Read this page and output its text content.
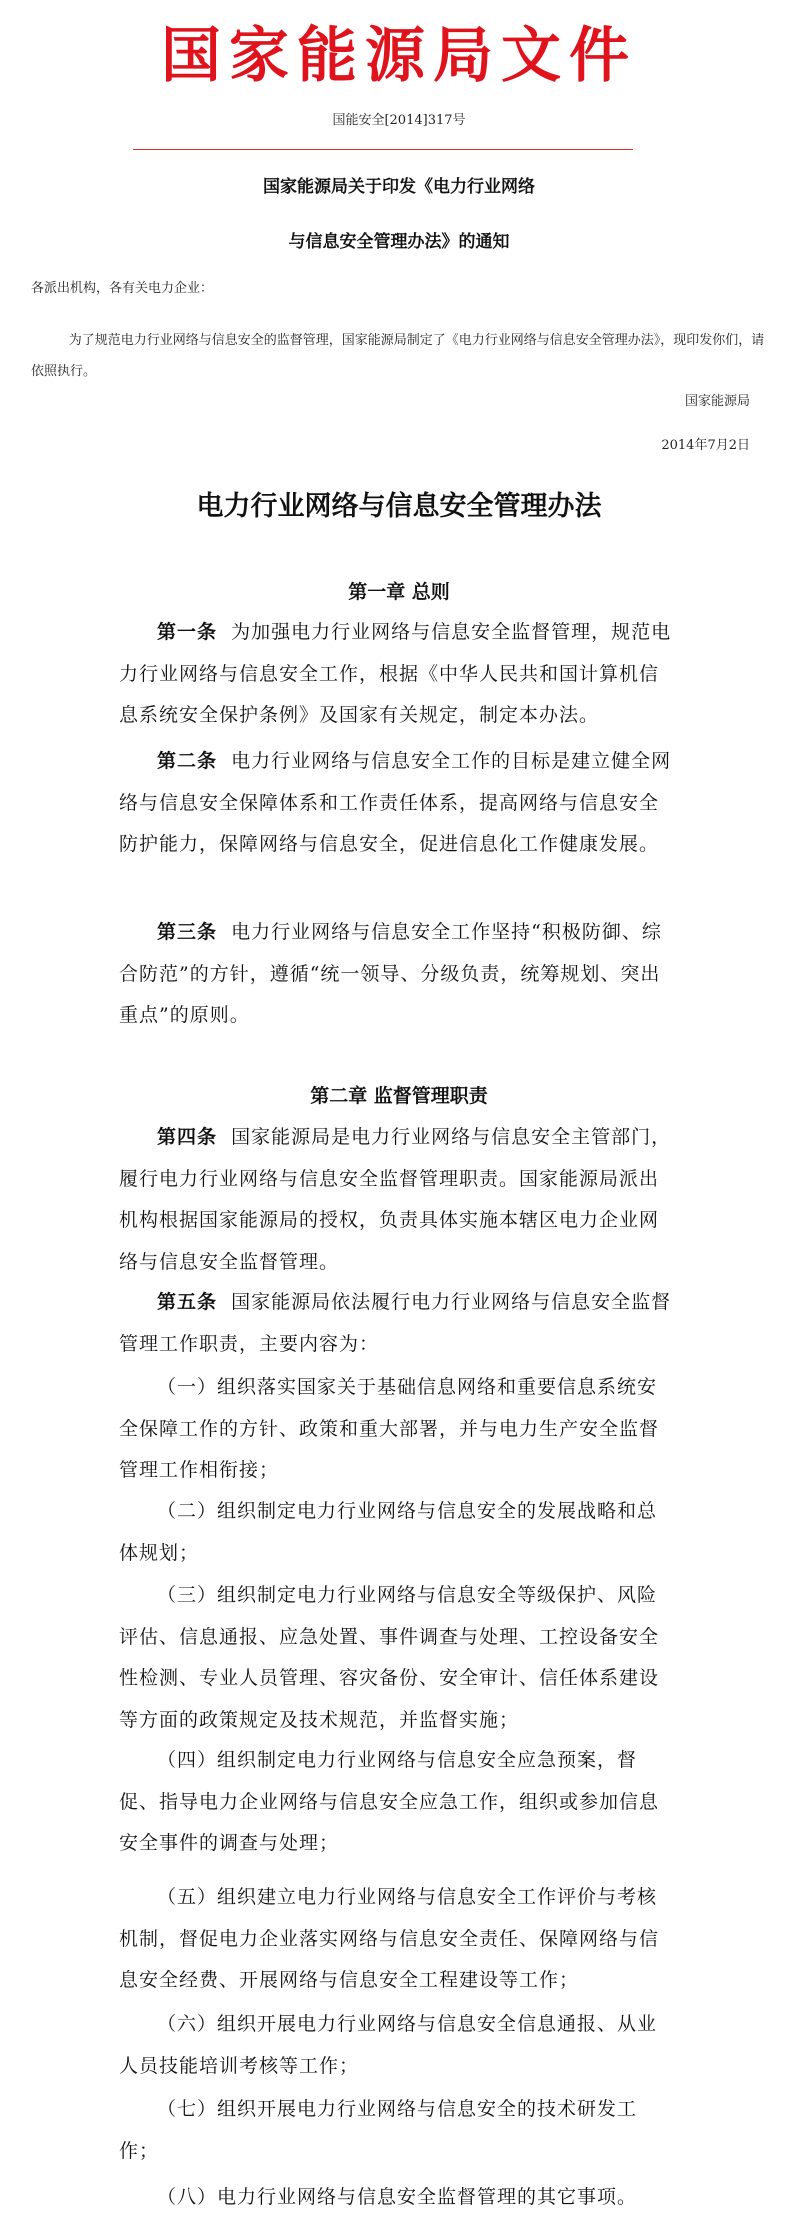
国家能源局文件
国能安全[2014]317号
国家能源局关于印发《电力行业网络
与信息安全管理办法》的通知
各派出机构，各有关电力企业：
为了规范电力行业网络与信息安全的监督管理，国家能源局制定了《电力行业网络与信息安全管理办法》，现印发你们，请依照执行。
国家能源局
2014年7月2日
电力行业网络与信息安全管理办法
第一章 总则

第一条 为加强电力行业网络与信息安全监督管理，规范电力行业网络与信息安全工作，根据《中华人民共和国计算机信息系统安全保护条例》及国家有关规定，制定本办法。

第二条 电力行业网络与信息安全工作的目标是建立健全网络与信息安全保障体系和工作责任体系，提高网络与信息安全防护能力，保障网络与信息安全，促进信息化工作健康发展。

第三条 电力行业网络与信息安全工作坚持“积极防御、综合防范”的方针，遵循“统一领导、分级负责，统筹规划、突出重点”的原则。

第二章 监督管理职责

第四条 国家能源局是电力行业网络与信息安全主管部门，履行电力行业网络与信息安全监督管理职责。国家能源局派出机构根据国家能源局的授权，负责具体实施本辖区电力企业网络与信息安全监督管理。

第五条 国家能源局依法履行电力行业网络与信息安全监督管理工作职责，主要内容为：

（一）组织落实国家关于基础信息网络和重要信息系统安全保障工作的方针、政策和重大部署，并与电力生产安全监督管理工作相衔接；

（二）组织制定电力行业网络与信息安全的发展战略和总体规划；

（三）组织制定电力行业网络与信息安全等级保护、风险评估、信息通报、应急处置、事件调查与处理、工控设备安全性检测、专业人员管理、容灾备份、安全审计、信任体系建设等方面的政策规定及技术规范，并监督实施；

（四）组织制定电力行业网络与信息安全应急预案，督促、指导电力企业网络与信息安全应急工作，组织或参加信息安全事件的调查与处理；

（五）组织建立电力行业网络与信息安全工作评价与考核机制，督促电力企业落实网络与信息安全责任、保障网络与信息安全经费、开展网络与信息安全工程建设等工作；

（六）组织开展电力行业网络与信息安全信息通报、从业人员技能培训考核等工作；

（七）组织开展电力行业网络与信息安全的技术研发工作；

（八）电力行业网络与信息安全监督管理的其它事项。
